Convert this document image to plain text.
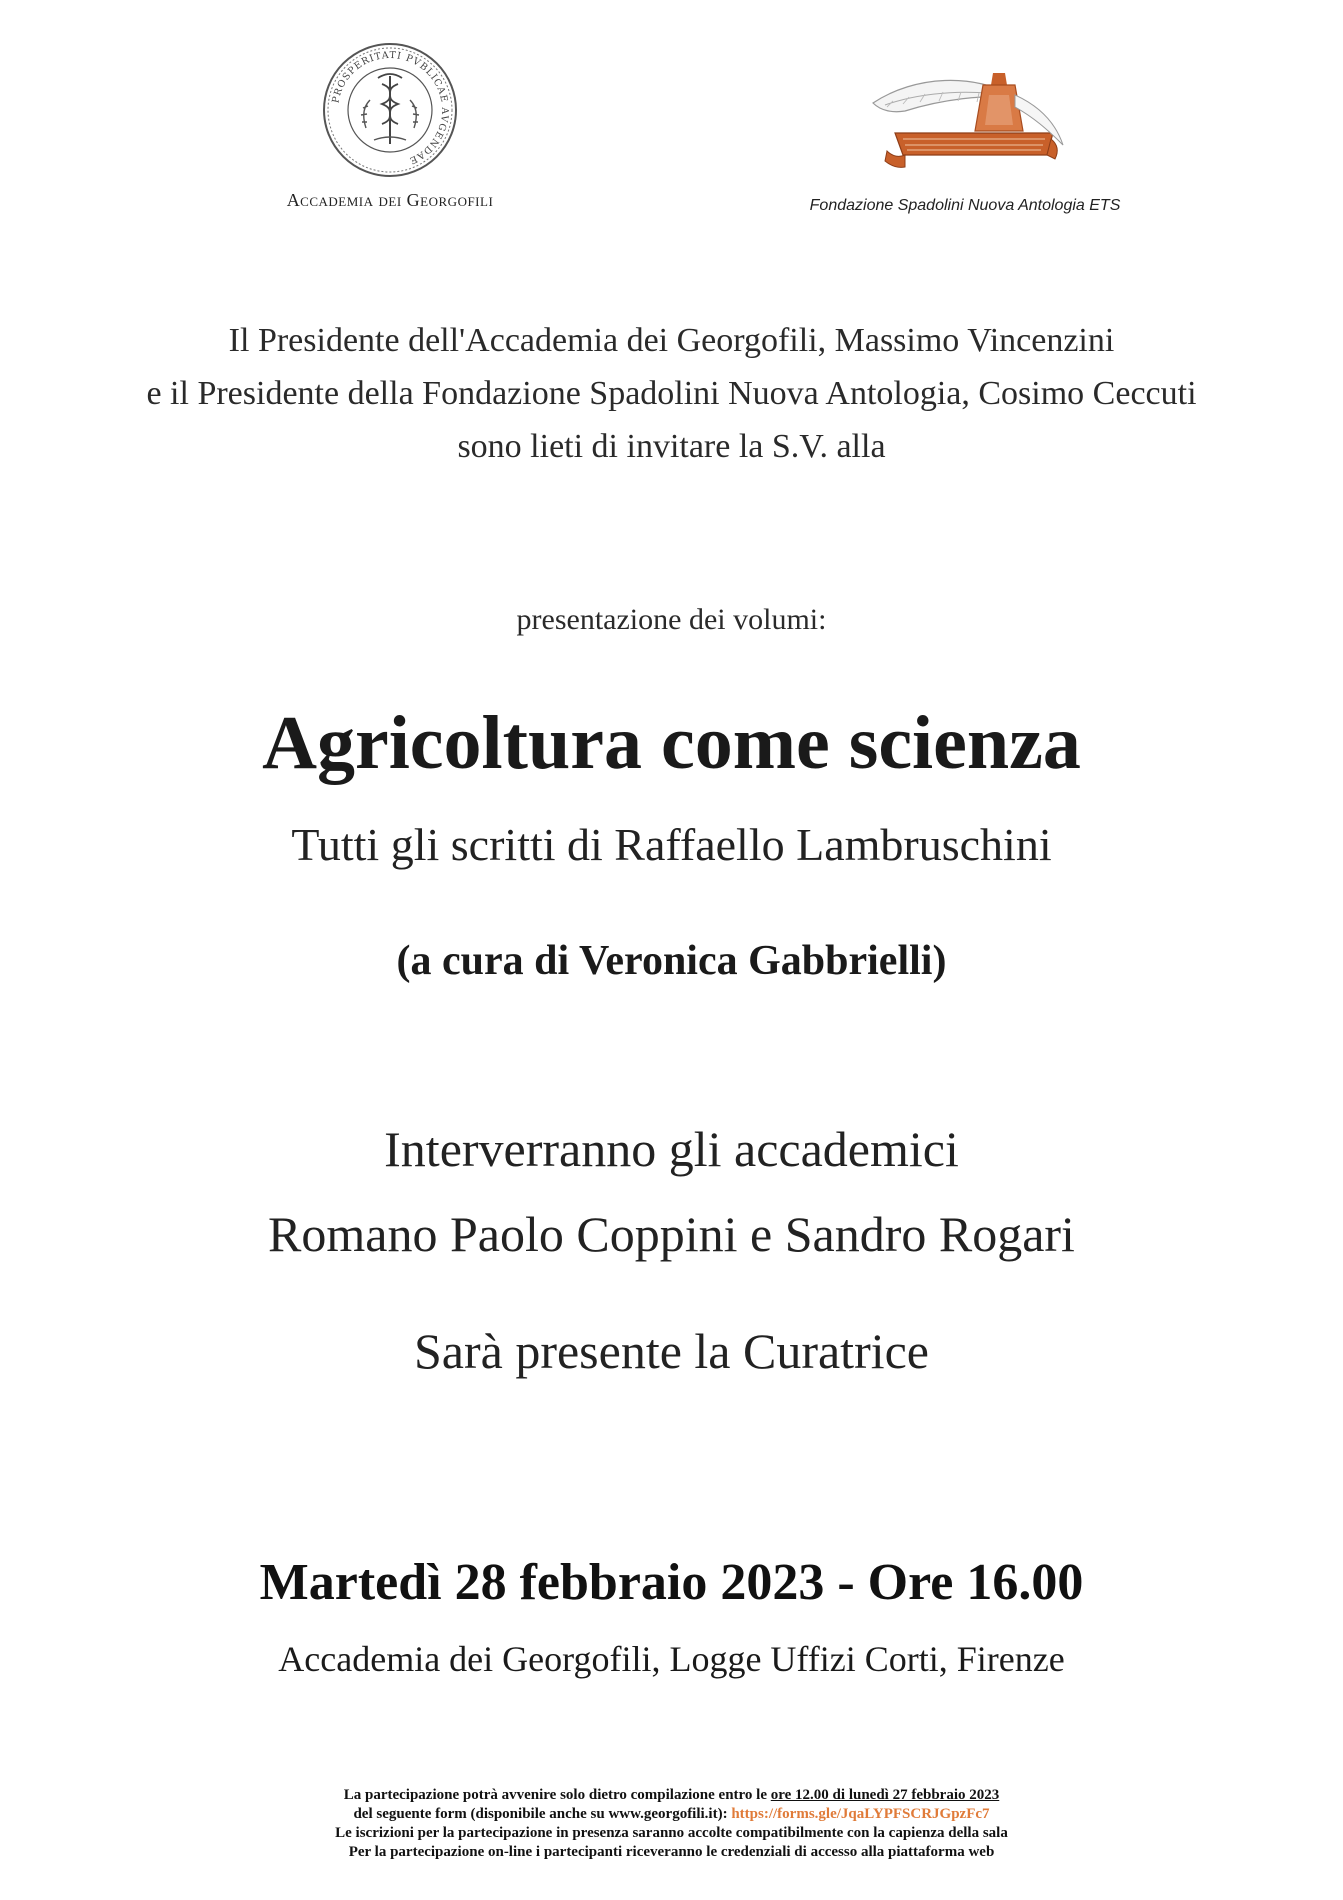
PROSPERITATI PVBLICAE AVGENDAE
Accademia dei Georgofili	Fondazione Spadolini Nuova Antologia ETS
Il Presidente dell'Accademia dei Georgofili, Massimo Vincenzini
e il Presidente della Fondazione Spadolini Nuova Antologia, Cosimo Ceccuti
sono lieti di invitare la S.V. alla
presentazione dei volumi:
Agricoltura come scienza
Tutti gli scritti di Raffaello Lambruschini
(a cura di Veronica Gabbrielli)
Interverranno gli accademici
Romano Paolo Coppini e Sandro Rogari
Sarà presente la Curatrice
Martedì 28 febbraio 2023 - Ore 16.00
Accademia dei Georgofili, Logge Uffizi Corti, Firenze
La partecipazione potrà avvenire solo dietro compilazione entro le ore 12.00 di lunedì 27 febbraio 2023
del seguente form (disponibile anche su www.georgofili.it): https://forms.gle/JqaLYPFSCRJGpzFc7
Le iscrizioni per la partecipazione in presenza saranno accolte compatibilmente con la capienza della sala
Per la partecipazione on-line i partecipanti riceveranno le credenziali di accesso alla piattaforma web
